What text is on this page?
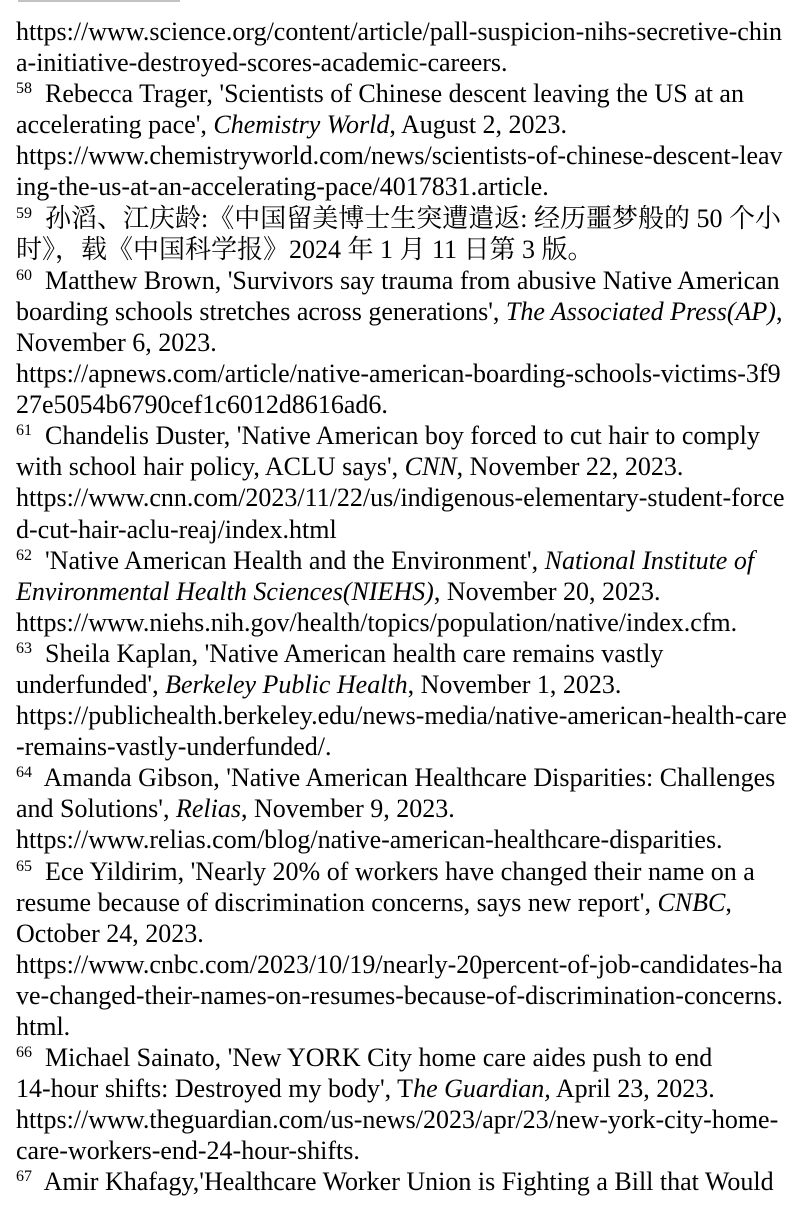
https://www.science.org/content/article/pall-suspicion-nihs-secretive-chin
a-initiative-destroyed-scores-academic-careers.
$^{58}$  Rebecca Trager, 'Scientists of Chinese descent leaving the US at an
accelerating pace', Chemistry World, August 2, 2023.
https://www.chemistryworld.com/news/scientists-of-chinese-descent-leav
ing-the-us-at-an-accelerating-pace/4017831.article.
$^{59}$  孙滔、江庆龄:《中国留美博士生突遭遣返: 经历噩梦般的 50 个小
时》，载《中国科学报》2024 年 1 月 11 日第 3 版。
$^{60}$  Matthew Brown, 'Survivors say trauma from abusive Native American
boarding schools stretches across generations', The Associated Press(AP),
November 6, 2023.
https://apnews.com/article/native-american-boarding-schools-victims-3f9
27e5054b6790cef1c6012d8616ad6.
$^{61}$  Chandelis Duster, 'Native American boy forced to cut hair to comply
with school hair policy, ACLU says', CNN, November 22, 2023.
https://www.cnn.com/2023/11/22/us/indigenous-elementary-student-force
d-cut-hair-aclu-reaj/index.html
$^{62}$  'Native American Health and the Environment', National Institute of
Environmental Health Sciences(NIEHS), November 20, 2023.
https://www.niehs.nih.gov/health/topics/population/native/index.cfm.
$^{63}$  Sheila Kaplan, 'Native American health care remains vastly
underfunded', Berkeley Public Health, November 1, 2023.
https://publichealth.berkeley.edu/news-media/native-american-health-care
-remains-vastly-underfunded/.
$^{64}$  Amanda Gibson, 'Native American Healthcare Disparities: Challenges
and Solutions', Relias, November 9, 2023.
https://www.relias.com/blog/native-american-healthcare-disparities.
$^{65}$  Ece Yildirim, 'Nearly 20% of workers have changed their name on a
resume because of discrimination concerns, says new report', CNBC,
October 24, 2023.
https://www.cnbc.com/2023/10/19/nearly-20percent-of-job-candidates-ha
ve-changed-their-names-on-resumes-because-of-discrimination-concerns.
html.
$^{66}$  Michael Sainato, 'New YORK City home care aides push to end
14-hour shifts: Destroyed my body', The Guardian, April 23, 2023.
https://www.theguardian.com/us-news/2023/apr/23/new-york-city-home-
care-workers-end-24-hour-shifts.
$^{67}$  Amir Khafagy,'Healthcare Worker Union is Fighting a Bill that Would
